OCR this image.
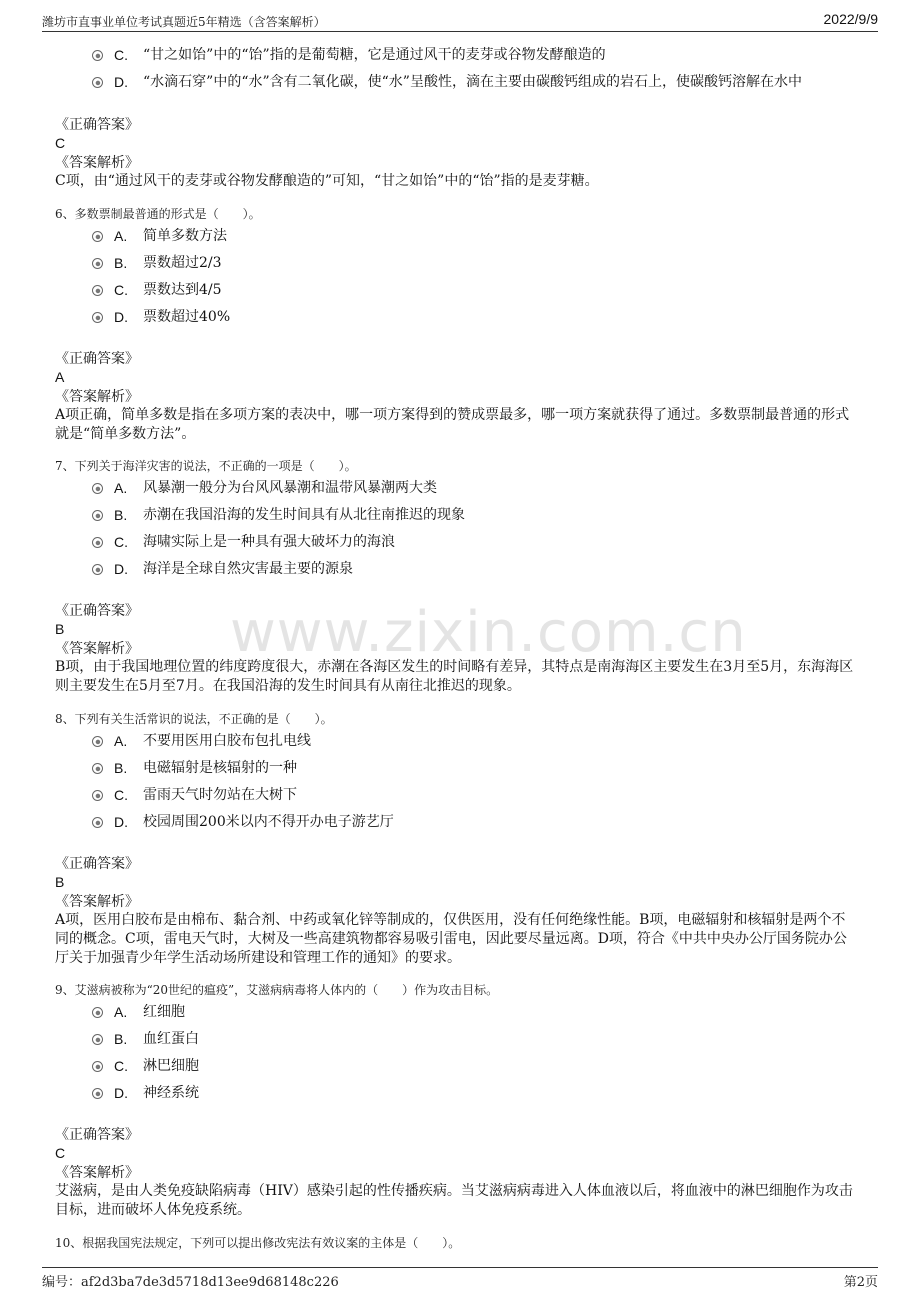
潍坊市直事业单位考试真题近5年精选（含答案解析）	2022/9/9
www.zixin.com.cn
C. “甘之如饴”中的“饴”指的是葡萄糖，它是通过风干的麦芽或谷物发酵酿造的
D. “水滴石穿”中的“水”含有二氧化碳，使“水”呈酸性，滴在主要由碳酸钙组成的岩石上，使碳酸钙溶解在水中
《正确答案》
C
《答案解析》
C项，由“通过风干的麦芽或谷物发酵酿造的”可知，“甘之如饴”中的“饴”指的是麦芽糖。
6、多数票制最普通的形式是（　　）。
A. 简单多数方法
B. 票数超过2/3
C. 票数达到4/5
D. 票数超过40%
《正确答案》
A
《答案解析》
A项正确，简单多数是指在多项方案的表决中，哪一项方案得到的赞成票最多，哪一项方案就获得了通过。多数票制最普通的形式就是“简单多数方法”。
7、下列关于海洋灾害的说法，不正确的一项是（　　）。
A. 风暴潮一般分为台风风暴潮和温带风暴潮两大类
B. 赤潮在我国沿海的发生时间具有从北往南推迟的现象
C. 海啸实际上是一种具有强大破坏力的海浪
D. 海洋是全球自然灾害最主要的源泉
《正确答案》
B
《答案解析》
B项，由于我国地理位置的纬度跨度很大，赤潮在各海区发生的时间略有差异，其特点是南海海区主要发生在3月至5月，东海海区则主要发生在5月至7月。在我国沿海的发生时间具有从南往北推迟的现象。
8、下列有关生活常识的说法，不正确的是（　　）。
A. 不要用医用白胶布包扎电线
B. 电磁辐射是核辐射的一种
C. 雷雨天气时勿站在大树下
D. 校园周围200米以内不得开办电子游艺厅
《正确答案》
B
《答案解析》
A项，医用白胶布是由棉布、黏合剂、中药或氧化锌等制成的，仅供医用，没有任何绝缘性能。B项，电磁辐射和核辐射是两个不同的概念。C项，雷电天气时，大树及一些高建筑物都容易吸引雷电，因此要尽量远离。D项，符合《中共中央办公厅国务院办公厅关于加强青少年学生活动场所建设和管理工作的通知》的要求。
9、艾滋病被称为“20世纪的瘟疫”，艾滋病病毒将人体内的（　　）作为攻击目标。
A. 红细胞
B. 血红蛋白
C. 淋巴细胞
D. 神经系统
《正确答案》
C
《答案解析》
艾滋病，是由人类免疫缺陷病毒（HIV）感染引起的性传播疾病。当艾滋病病毒进入人体血液以后，将血液中的淋巴细胞作为攻击目标，进而破坏人体免疫系统。
10、根据我国宪法规定，下列可以提出修改宪法有效议案的主体是（　　）。
编号：af2d3ba7de3d5718d13ee9d68148c226	第2页
